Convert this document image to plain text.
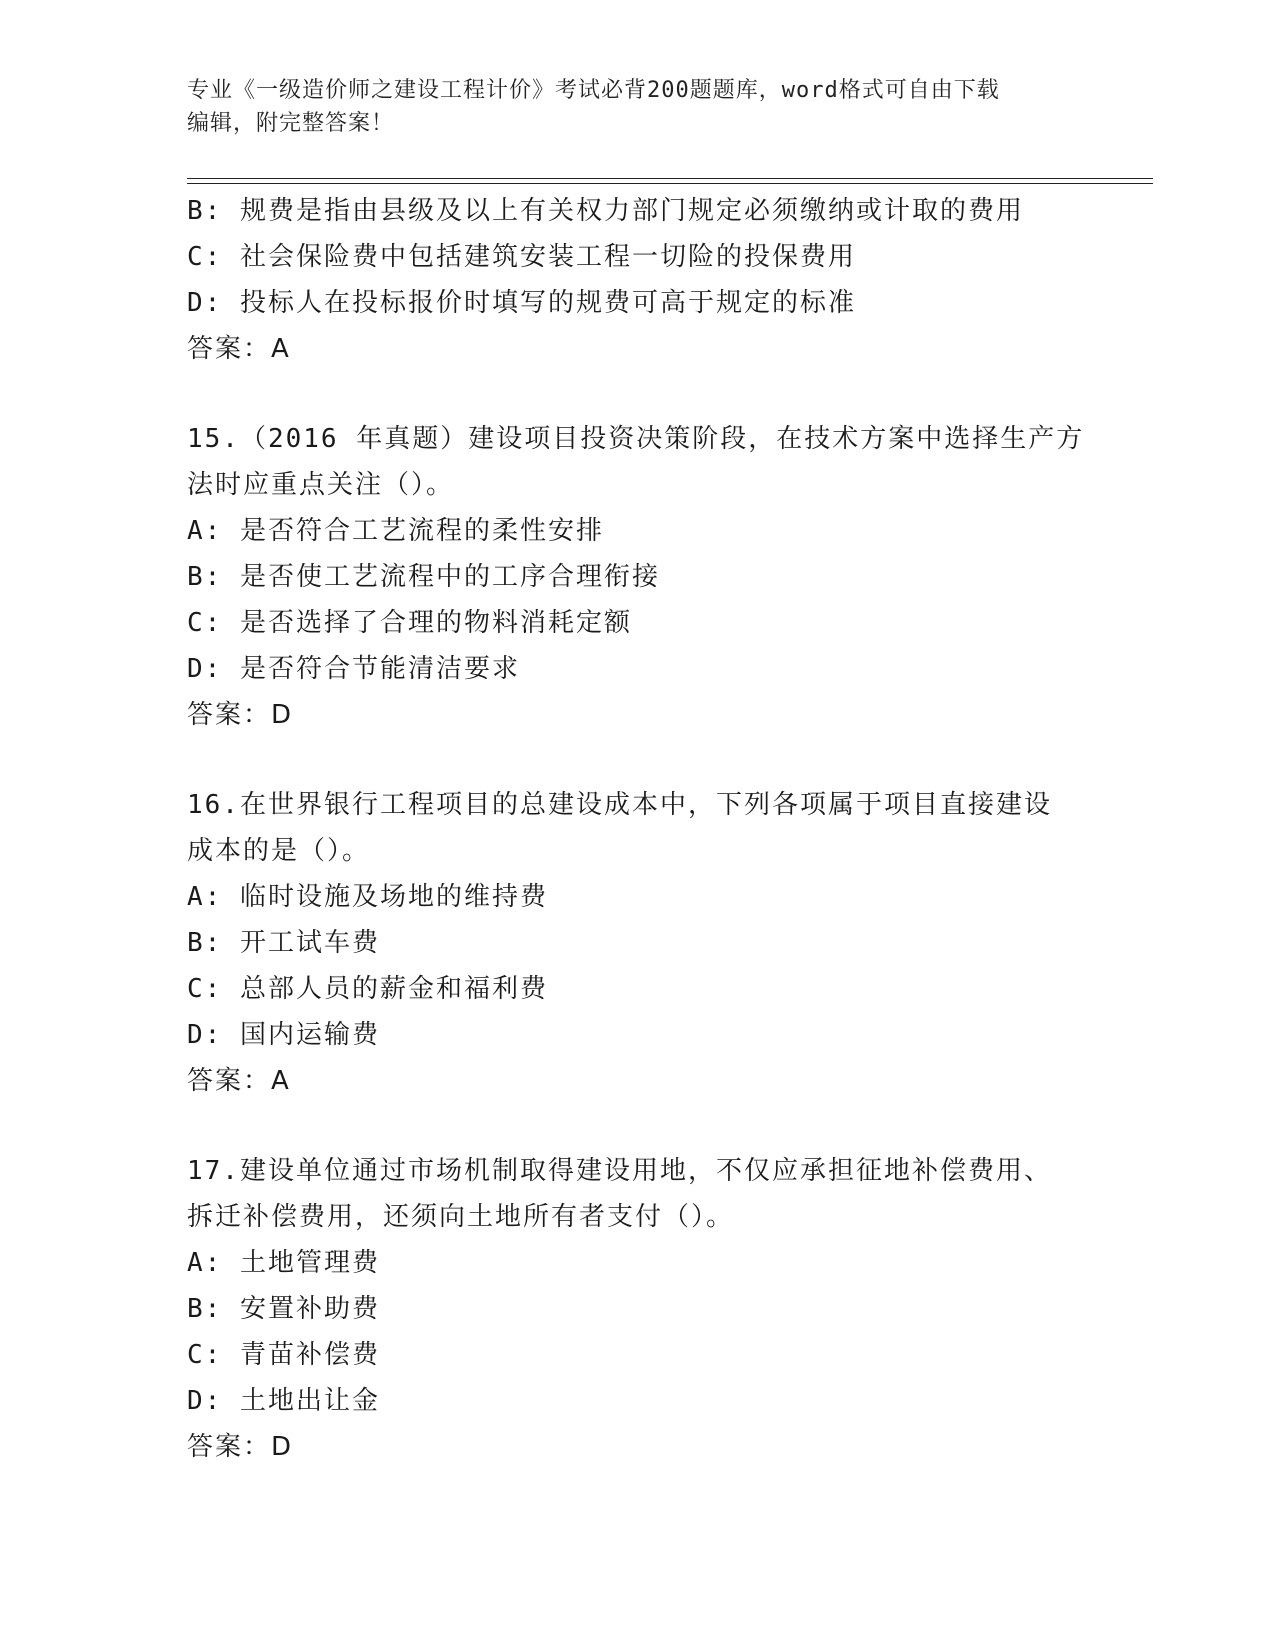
专业《一级造价师之建设工程计价》考试必背200题题库，word格式可自由下载
编辑，附完整答案！
B: 规费是指由县级及以上有关权力部门规定必须缴纳或计取的费用
C: 社会保险费中包括建筑安装工程一切险的投保费用
D: 投标人在投标报价时填写的规费可高于规定的标准
答案：A
15.（2016 年真题）建设项目投资决策阶段，在技术方案中选择生产方
法时应重点关注（）。
A: 是否符合工艺流程的柔性安排
B: 是否使工艺流程中的工序合理衔接
C: 是否选择了合理的物料消耗定额
D: 是否符合节能清洁要求
答案：D
16.在世界银行工程项目的总建设成本中，下列各项属于项目直接建设
成本的是（）。
A: 临时设施及场地的维持费
B: 开工试车费
C: 总部人员的薪金和福利费
D: 国内运输费
答案：A
17.建设单位通过市场机制取得建设用地，不仅应承担征地补偿费用、
拆迁补偿费用，还须向土地所有者支付（）。
A: 土地管理费
B: 安置补助费
C: 青苗补偿费
D: 土地出让金
答案：D
